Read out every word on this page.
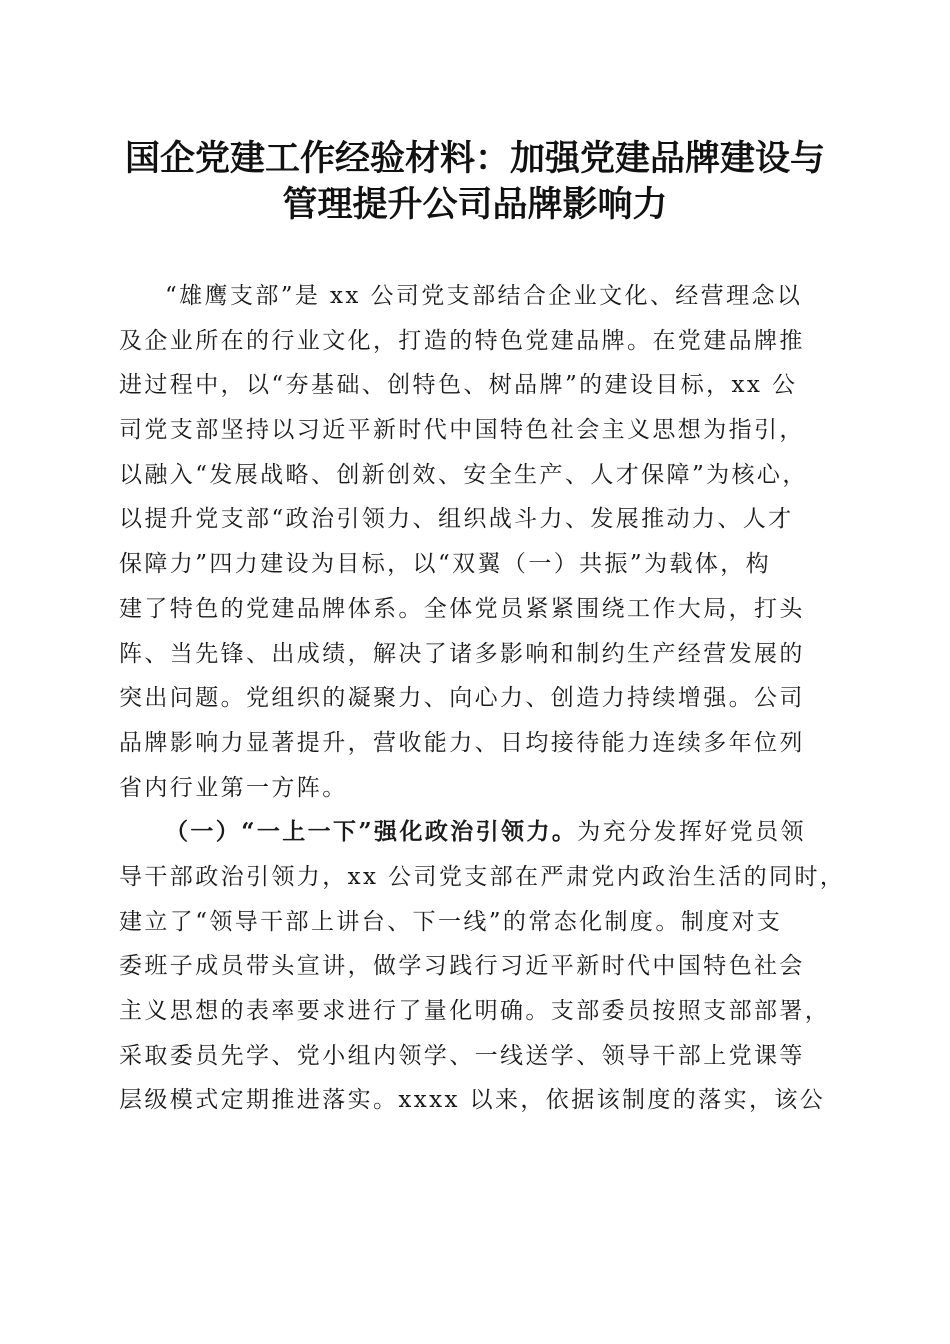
国企党建工作经验材料：加强党建品牌建设与
管理提升公司品牌影响力
“雄鹰支部”是 xx 公司党支部结合企业文化、经营理念以
及企业所在的行业文化，打造的特色党建品牌。在党建品牌推
进过程中，以“夯基础、创特色、树品牌”的建设目标，xx 公
司党支部坚持以习近平新时代中国特色社会主义思想为指引，
以融入“发展战略、创新创效、安全生产、人才保障”为核心，
以提升党支部“政治引领力、组织战斗力、发展推动力、人才
保障力”四力建设为目标，以“双翼（一）共振”为载体，构
建了特色的党建品牌体系。全体党员紧紧围绕工作大局，打头
阵、当先锋、出成绩，解决了诸多影响和制约生产经营发展的
突出问题。党组织的凝聚力、向心力、创造力持续增强。公司
品牌影响力显著提升，营收能力、日均接待能力连续多年位列
省内行业第一方阵。
（一）“一上一下”强化政治引领力。为充分发挥好党员领
导干部政治引领力，xx 公司党支部在严肃党内政治生活的同时，
建立了“领导干部上讲台、下一线”的常态化制度。制度对支
委班子成员带头宣讲，做学习践行习近平新时代中国特色社会
主义思想的表率要求进行了量化明确。支部委员按照支部部署，
采取委员先学、党小组内领学、一线送学、领导干部上党课等
层级模式定期推进落实。xxxx 以来，依据该制度的落实，该公
